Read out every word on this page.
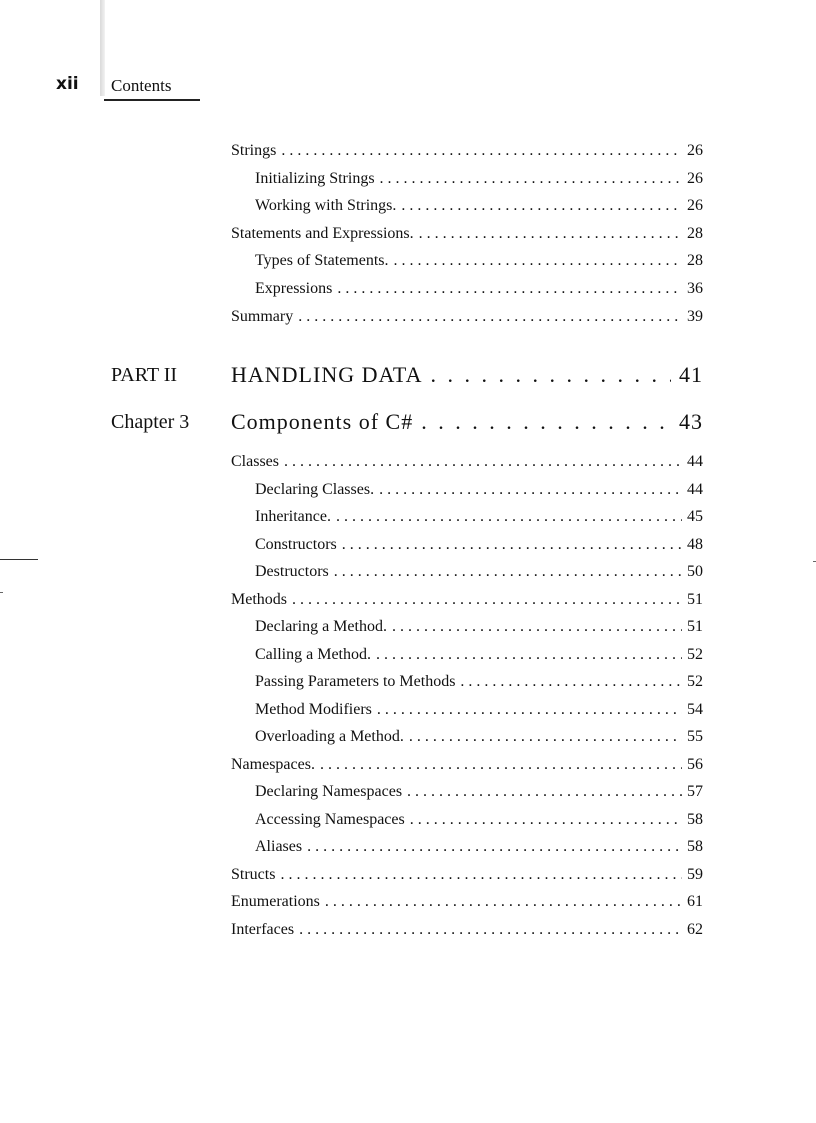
xii Contents
Strings . . .	26
Initializing Strings . . .	26
Working with Strings. . . .	26
Statements and Expressions. . . .	28
Types of Statements. . . .	28
Expressions . . .	36
Summary . . .	39
PART II HANDLING DATA . . .	41
Chapter 3 Components of C# . . .	43
Classes . . .	44
Declaring Classes. . . .	44
Inheritance. . . .	45
Constructors . . .	48
Destructors . . .	50
Methods . . .	51
Declaring a Method. . . .	51
Calling a Method. . . .	52
Passing Parameters to Methods . . .	52
Method Modifiers . . .	54
Overloading a Method. . . .	55
Namespaces. . . .	56
Declaring Namespaces . . .	57
Accessing Namespaces . . .	58
Aliases . . .	58
Structs . . .	59
Enumerations . . .	61
Interfaces . . .	62
